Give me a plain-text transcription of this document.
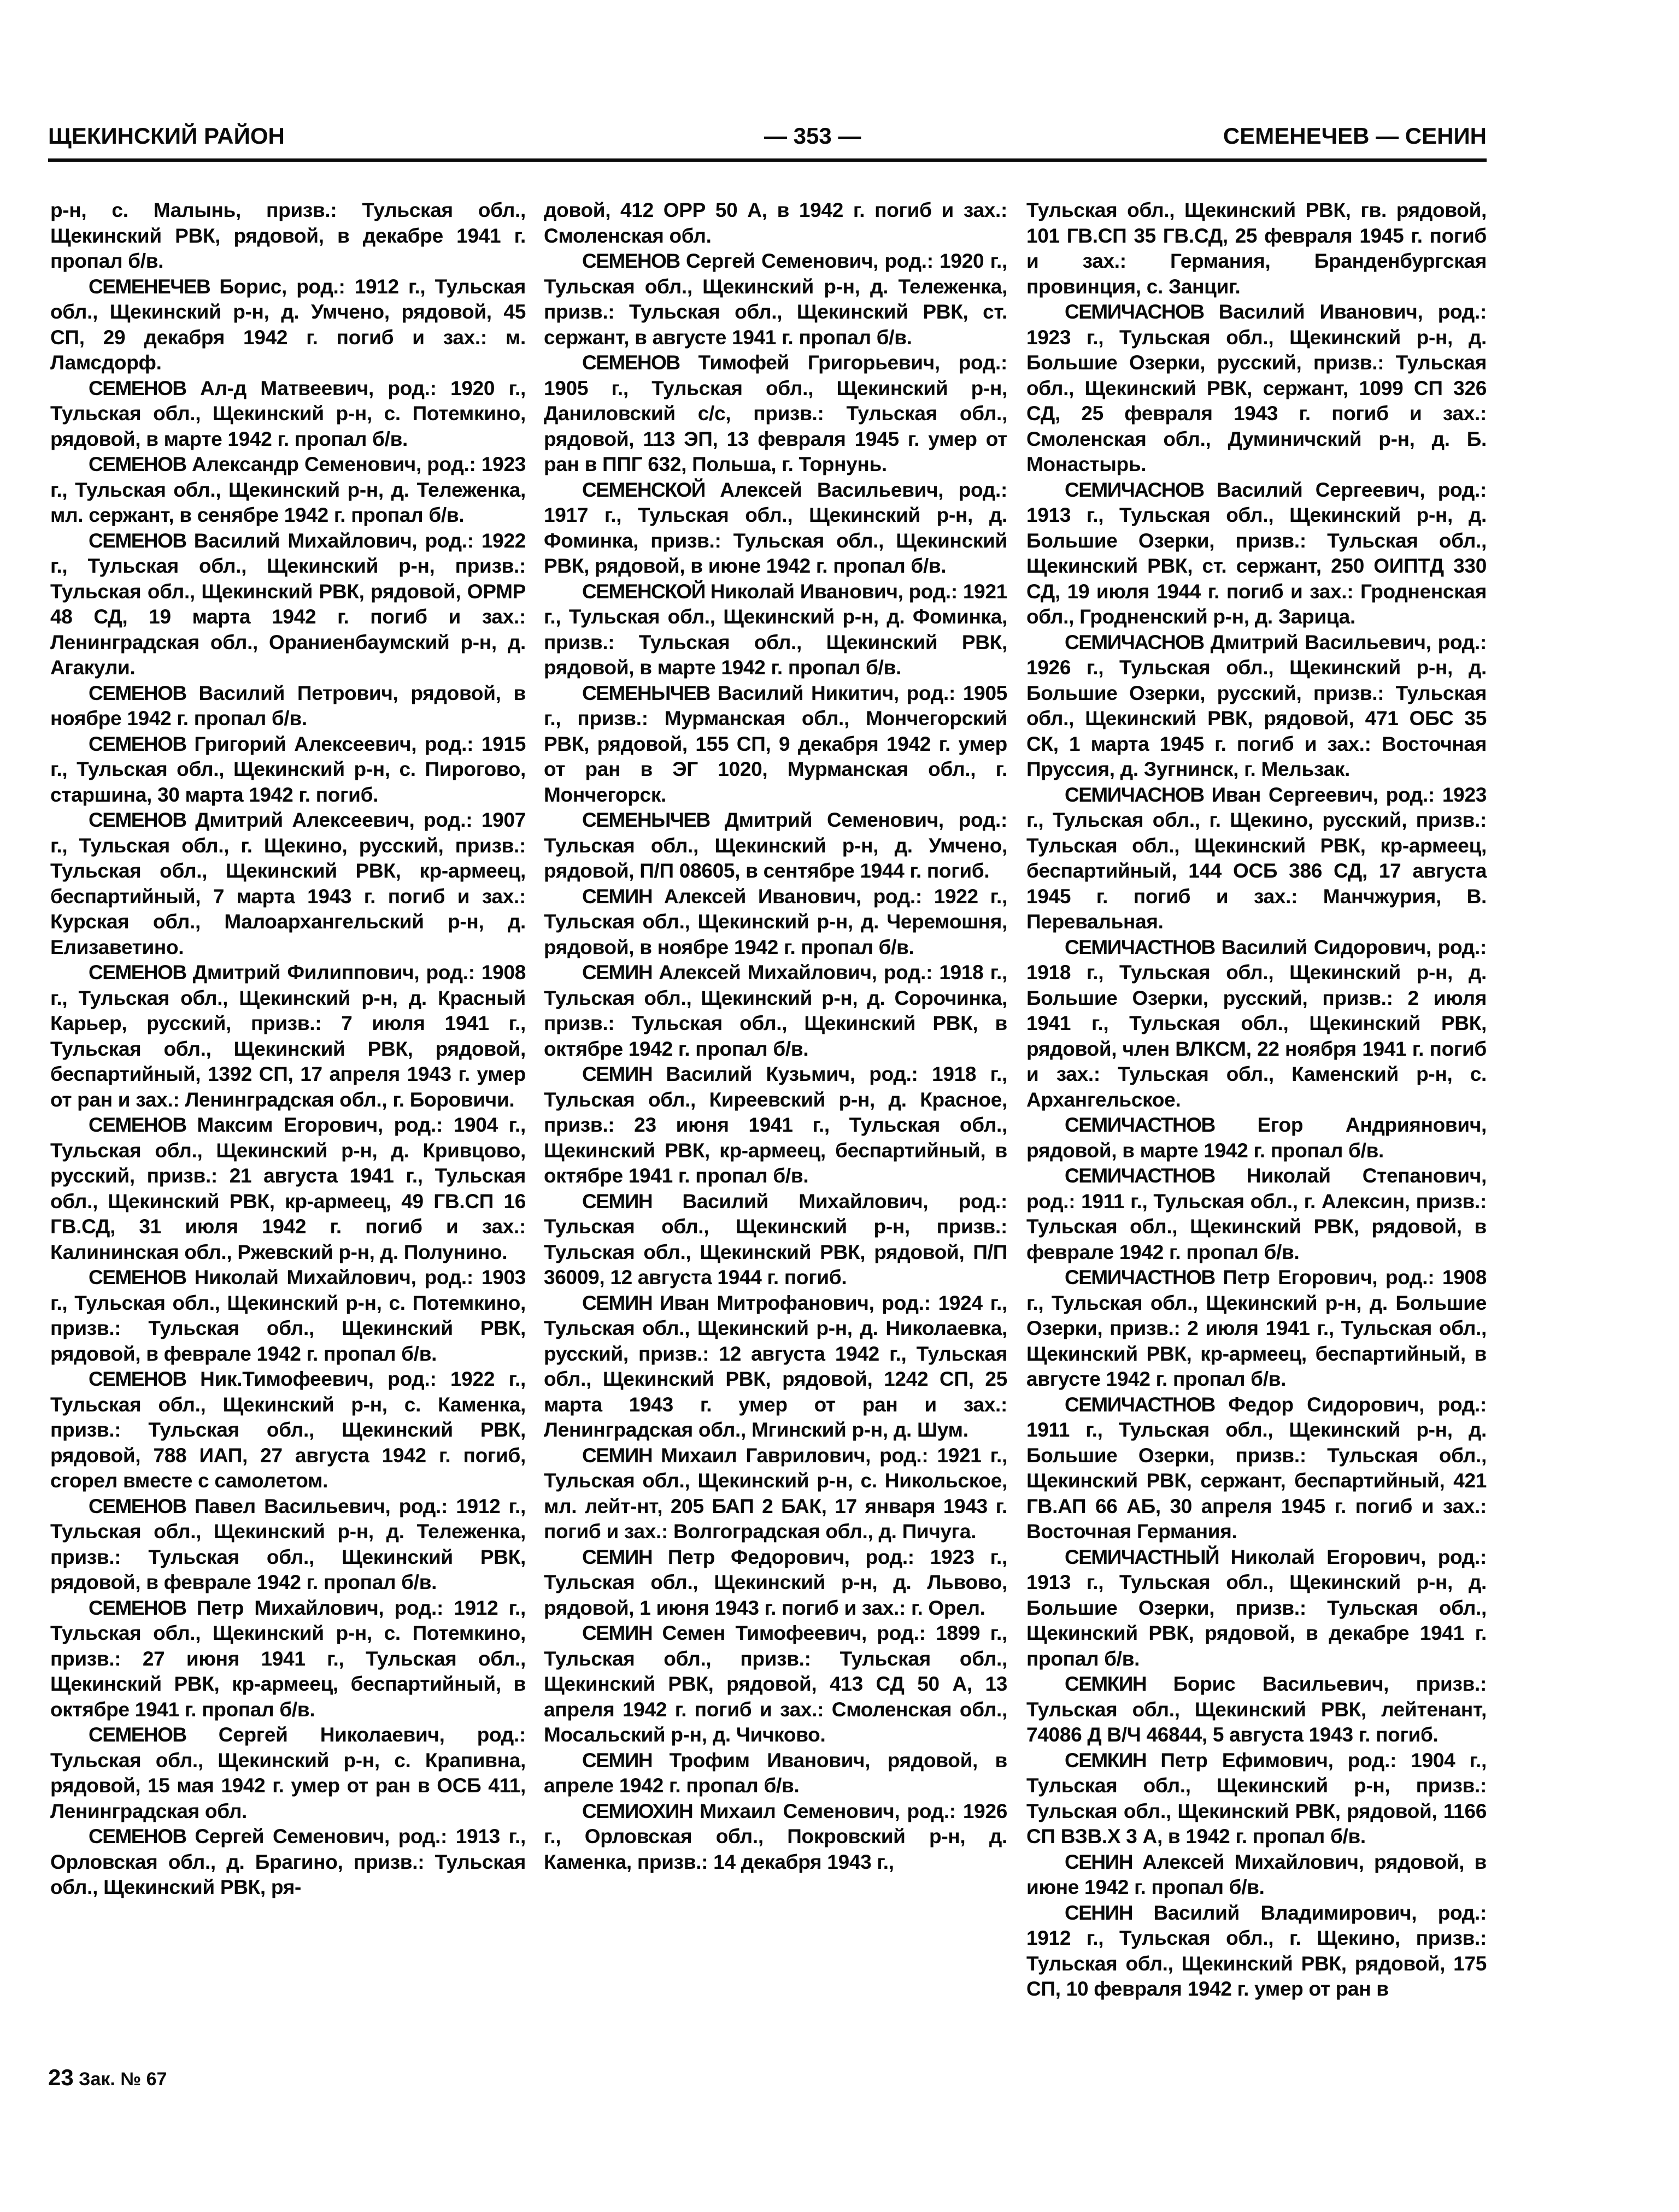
ЩЕКИНСКИЙ РАЙОН	— 353 —	СЕМЕНЕЧЕВ — СЕНИН

р-н, с. Малынь, призв.: Тульская обл., Щекинский РВК, рядовой, в декабре 1941 г. пропал б/в.

СЕМЕНЕЧЕВ Борис, род.: 1912 г., Тульская обл., Щекинский р-н, д. Умчено, рядовой, 45 СП, 29 декабря 1942 г. погиб и зах.: м. Ламсдорф.

СЕМЕНОВ Ал-д Матвеевич, род.: 1920 г., Тульская обл., Щекинский р-н, с. Потемкино, рядовой, в марте 1942 г. пропал б/в.

СЕМЕНОВ Александр Семенович, род.: 1923 г., Тульская обл., Щекинский р-н, д. Тележенка, мл. сержант, в сенябре 1942 г. пропал б/в.

СЕМЕНОВ Василий Михайлович, род.: 1922 г., Тульская обл., Щекинский р-н, призв.: Тульская обл., Щекинский РВК, рядовой, ОРМР 48 СД, 19 марта 1942 г. погиб и зах.: Ленинградская обл., Ораниенбаумский р-н, д. Агакули.

СЕМЕНОВ Василий Петрович, рядовой, в ноябре 1942 г. пропал б/в.

СЕМЕНОВ Григорий Алексеевич, род.: 1915 г., Тульская обл., Щекинский р-н, с. Пирогово, старшина, 30 марта 1942 г. погиб.

СЕМЕНОВ Дмитрий Алексеевич, род.: 1907 г., Тульская обл., г. Щекино, русский, призв.: Тульская обл., Щекинский РВК, кр-армеец, беспартийный, 7 марта 1943 г. погиб и зах.: Курская обл., Малоархангельский р-н, д. Елизаветино.

СЕМЕНОВ Дмитрий Филиппович, род.: 1908 г., Тульская обл., Щекинский р-н, д. Красный Карьер, русский, призв.: 7 июля 1941 г., Тульская обл., Щекинский РВК, рядовой, беспартийный, 1392 СП, 17 апреля 1943 г. умер от ран и зах.: Ленинградская обл., г. Боровичи.

СЕМЕНОВ Максим Егорович, род.: 1904 г., Тульская обл., Щекинский р-н, д. Кривцово, русский, призв.: 21 августа 1941 г., Тульская обл., Щекинский РВК, кр-армеец, 49 ГВ.СП 16 ГВ.СД, 31 июля 1942 г. погиб и зах.: Калининская обл., Ржевский р-н, д. Полунино.

СЕМЕНОВ Николай Михайлович, род.: 1903 г., Тульская обл., Щекинский р-н, с. Потемкино, призв.: Тульская обл., Щекинский РВК, рядовой, в феврале 1942 г. пропал б/в.

СЕМЕНОВ Ник.Тимофеевич, род.: 1922 г., Тульская обл., Щекинский р-н, с. Каменка, призв.: Тульская обл., Щекинский РВК, рядовой, 788 ИАП, 27 августа 1942 г. погиб, сгорел вместе с самолетом.

СЕМЕНОВ Павел Васильевич, род.: 1912 г., Тульская обл., Щекинский р-н, д. Тележенка, призв.: Тульская обл., Щекинский РВК, рядовой, в феврале 1942 г. пропал б/в.

СЕМЕНОВ Петр Михайлович, род.: 1912 г., Тульская обл., Щекинский р-н, с. Потемкино, призв.: 27 июня 1941 г., Тульская обл., Щекинский РВК, кр-армеец, беспартийный, в октябре 1941 г. пропал б/в.

СЕМЕНОВ Сергей Николаевич, род.: Тульская обл., Щекинский р-н, с. Крапивна, рядовой, 15 мая 1942 г. умер от ран в ОСБ 411, Ленинградская обл.

СЕМЕНОВ Сергей Семенович, род.: 1913 г., Орловская обл., д. Брагино, призв.: Тульская обл., Щекинский РВК, ря-

довой, 412 ОРР 50 А, в 1942 г. погиб и зах.: Смоленская обл.

СЕМЕНОВ Сергей Семенович, род.: 1920 г., Тульская обл., Щекинский р-н, д. Тележенка, призв.: Тульская обл., Щекинский РВК, ст. сержант, в августе 1941 г. пропал б/в.

СЕМЕНОВ Тимофей Григорьевич, род.: 1905 г., Тульская обл., Щекинский р-н, Даниловский с/с, призв.: Тульская обл., рядовой, 113 ЭП, 13 февраля 1945 г. умер от ран в ППГ 632, Польша, г. Торнунь.

СЕМЕНСКОЙ Алексей Васильевич, род.: 1917 г., Тульская обл., Щекинский р-н, д. Фоминка, призв.: Тульская обл., Щекинский РВК, рядовой, в июне 1942 г. пропал б/в.

СЕМЕНСКОЙ Николай Иванович, род.: 1921 г., Тульская обл., Щекинский р-н, д. Фоминка, призв.: Тульская обл., Щекинский РВК, рядовой, в марте 1942 г. пропал б/в.

СЕМЕНЫЧЕВ Василий Никитич, род.: 1905 г., призв.: Мурманская обл., Мончегорский РВК, рядовой, 155 СП, 9 декабря 1942 г. умер от ран в ЭГ 1020, Мурманская обл., г. Мончегорск.

СЕМЕНЫЧЕВ Дмитрий Семенович, род.: Тульская обл., Щекинский р-н, д. Умчено, рядовой, П/П 08605, в сентябре 1944 г. погиб.

СЕМИН Алексей Иванович, род.: 1922 г., Тульская обл., Щекинский р-н, д. Черемошня, рядовой, в ноябре 1942 г. пропал б/в.

СЕМИН Алексей Михайлович, род.: 1918 г., Тульская обл., Щекинский р-н, д. Сорочинка, призв.: Тульская обл., Щекинский РВК, в октябре 1942 г. пропал б/в.

СЕМИН Василий Кузьмич, род.: 1918 г., Тульская обл., Киреевский р-н, д. Красное, призв.: 23 июня 1941 г., Тульская обл., Щекинский РВК, кр-армеец, беспартийный, в октябре 1941 г. пропал б/в.

СЕМИН Василий Михайлович, род.: Тульская обл., Щекинский р-н, призв.: Тульская обл., Щекинский РВК, рядовой, П/П 36009, 12 августа 1944 г. погиб.

СЕМИН Иван Митрофанович, род.: 1924 г., Тульская обл., Щекинский р-н, д. Николаевка, русский, призв.: 12 августа 1942 г., Тульская обл., Щекинский РВК, рядовой, 1242 СП, 25 марта 1943 г. умер от ран и зах.: Ленинградская обл., Мгинский р-н, д. Шум.

СЕМИН Михаил Гаврилович, род.: 1921 г., Тульская обл., Щекинский р-н, с. Никольское, мл. лейт-нт, 205 БАП 2 БАК, 17 января 1943 г. погиб и зах.: Волгоградская обл., д. Пичуга.

СЕМИН Петр Федорович, род.: 1923 г., Тульская обл., Щекинский р-н, д. Львово, рядовой, 1 июня 1943 г. погиб и зах.: г. Орел.

СЕМИН Семен Тимофеевич, род.: 1899 г., Тульская обл., призв.: Тульская обл., Щекинский РВК, рядовой, 413 СД 50 А, 13 апреля 1942 г. погиб и зах.: Смоленская обл., Мосальский р-н, д. Чичково.

СЕМИН Трофим Иванович, рядовой, в апреле 1942 г. пропал б/в.

СЕМИОХИН Михаил Семенович, род.: 1926 г., Орловская обл., Покровский р-н, д. Каменка, призв.: 14 декабря 1943 г.,

Тульская обл., Щекинский РВК, гв. рядовой, 101 ГВ.СП 35 ГВ.СД, 25 февраля 1945 г. погиб и зах.: Германия, Бранденбургская провинция, с. Занциг.

СЕМИЧАСНОВ Василий Иванович, род.: 1923 г., Тульская обл., Щекинский р-н, д. Большие Озерки, русский, призв.: Тульская обл., Щекинский РВК, сержант, 1099 СП 326 СД, 25 февраля 1943 г. погиб и зах.: Смоленская обл., Думиничский р-н, д. Б. Монастырь.

СЕМИЧАСНОВ Василий Сергеевич, род.: 1913 г., Тульская обл., Щекинский р-н, д. Большие Озерки, призв.: Тульская обл., Щекинский РВК, ст. сержант, 250 ОИПТД 330 СД, 19 июля 1944 г. погиб и зах.: Гродненская обл., Гродненский р-н, д. Зарица.

СЕМИЧАСНОВ Дмитрий Васильевич, род.: 1926 г., Тульская обл., Щекинский р-н, д. Большие Озерки, русский, призв.: Тульская обл., Щекинский РВК, рядовой, 471 ОБС 35 СК, 1 марта 1945 г. погиб и зах.: Восточная Пруссия, д. Зугнинск, г. Мельзак.

СЕМИЧАСНОВ Иван Сергеевич, род.: 1923 г., Тульская обл., г. Щекино, русский, призв.: Тульская обл., Щекинский РВК, кр-армеец, беспартийный, 144 ОСБ 386 СД, 17 августа 1945 г. погиб и зах.: Манчжурия, В. Перевальная.

СЕМИЧАСТНОВ Василий Сидорович, род.: 1918 г., Тульская обл., Щекинский р-н, д. Большие Озерки, русский, призв.: 2 июля 1941 г., Тульская обл., Щекинский РВК, рядовой, член ВЛКСМ, 22 ноября 1941 г. погиб и зах.: Тульская обл., Каменский р-н, с. Архангельское.

СЕМИЧАСТНОВ Егор Андриянович, рядовой, в марте 1942 г. пропал б/в.

СЕМИЧАСТНОВ Николай Степанович, род.: 1911 г., Тульская обл., г. Алексин, призв.: Тульская обл., Щекинский РВК, рядовой, в феврале 1942 г. пропал б/в.

СЕМИЧАСТНОВ Петр Егорович, род.: 1908 г., Тульская обл., Щекинский р-н, д. Большие Озерки, призв.: 2 июля 1941 г., Тульская обл., Щекинский РВК, кр-армеец, беспартийный, в августе 1942 г. пропал б/в.

СЕМИЧАСТНОВ Федор Сидорович, род.: 1911 г., Тульская обл., Щекинский р-н, д. Большие Озерки, призв.: Тульская обл., Щекинский РВК, сержант, беспартийный, 421 ГВ.АП 66 АБ, 30 апреля 1945 г. погиб и зах.: Восточная Германия.

СЕМИЧАСТНЫЙ Николай Егорович, род.: 1913 г., Тульская обл., Щекинский р-н, д. Большие Озерки, призв.: Тульская обл., Щекинский РВК, рядовой, в декабре 1941 г. пропал б/в.

СЕМКИН Борис Васильевич, призв.: Тульская обл., Щекинский РВК, лейтенант, 74086 Д В/Ч 46844, 5 августа 1943 г. погиб.

СЕМКИН Петр Ефимович, род.: 1904 г., Тульская обл., Щекинский р-н, призв.: Тульская обл., Щекинский РВК, рядовой, 1166 СП ВЗВ.Х 3 А, в 1942 г. пропал б/в.

СЕНИН Алексей Михайлович, рядовой, в июне 1942 г. пропал б/в.

СЕНИН Василий Владимирович, род.: 1912 г., Тульская обл., г. Щекино, призв.: Тульская обл., Щекинский РВК, рядовой, 175 СП, 10 февраля 1942 г. умер от ран в

23 Зак. № 67
